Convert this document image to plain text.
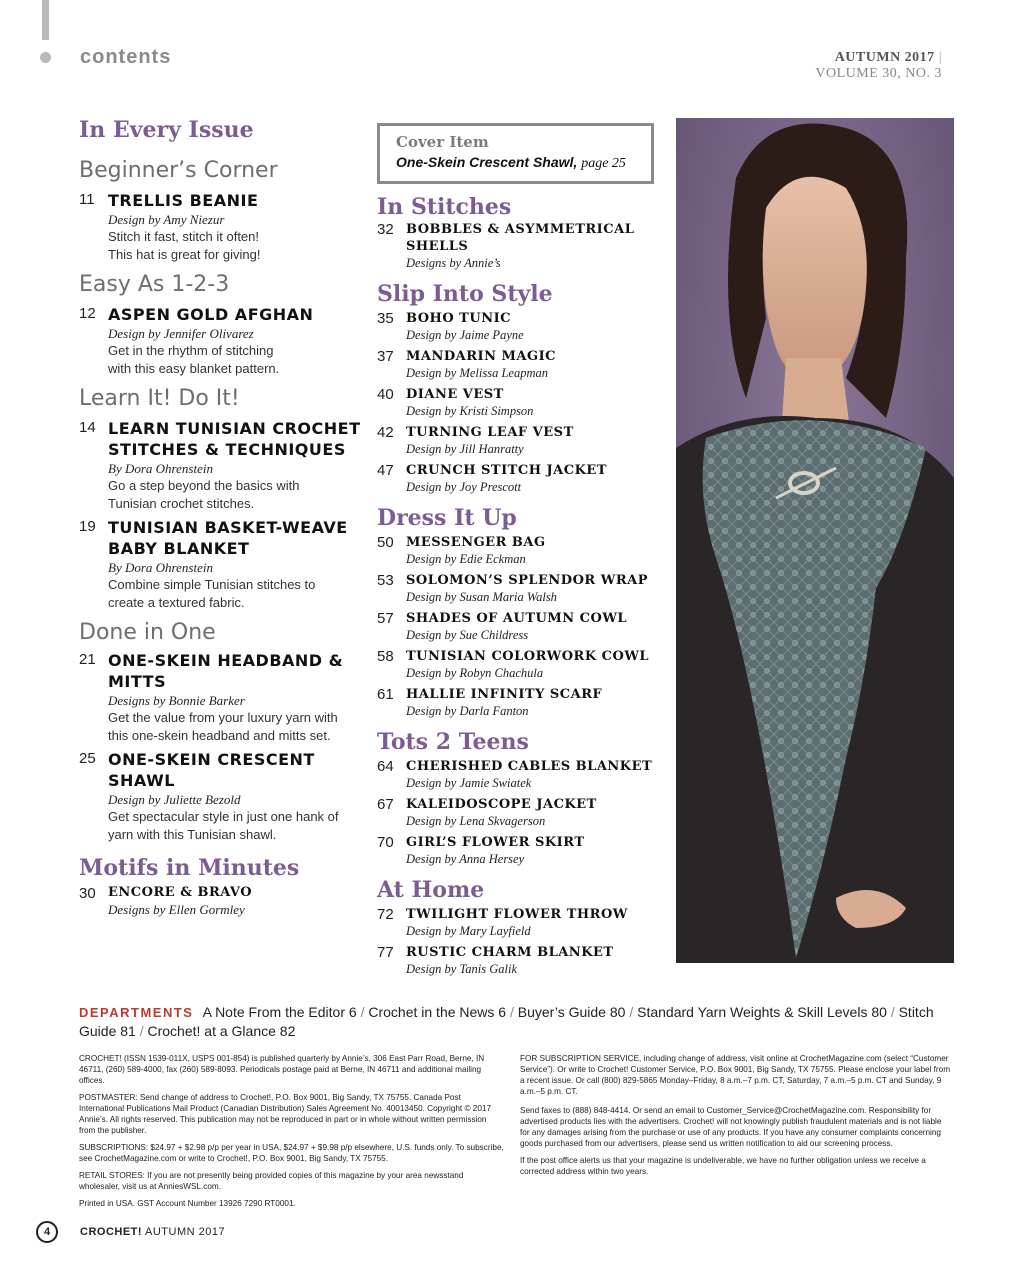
contents	AUTUMN 2017 |
VOLUME 30, NO. 3
In Every Issue
Beginner’s Corner
11 TRELLIS BEANIE
Design by Amy Niezur
Stitch it fast, stitch it often!
This hat is great for giving!
Easy As 1-2-3
12 ASPEN GOLD AFGHAN
Design by Jennifer Olivarez
Get in the rhythm of stitching
with this easy blanket pattern.
Learn It! Do It!
14 LEARN TUNISIAN CROCHET STITCHES & TECHNIQUES
By Dora Ohrenstein
Go a step beyond the basics with
Tunisian crochet stitches.
19 TUNISIAN BASKET-WEAVE BABY BLANKET
By Dora Ohrenstein
Combine simple Tunisian stitches to
create a textured fabric.
Done in One
21 ONE-SKEIN HEADBAND & MITTS
Designs by Bonnie Barker
Get the value from your luxury yarn with
this one-skein headband and mitts set.
25 ONE-SKEIN CRESCENT SHAWL
Design by Juliette Bezold
Get spectacular style in just one hank of
yarn with this Tunisian shawl.
Motifs in Minutes
30 ENCORE & BRAVO
Designs by Ellen Gormley
Cover Item
One-Skein Crescent Shawl, page 25
In Stitches
32 BOBBLES & ASYMMETRICAL SHELLS
Designs by Annie’s
Slip Into Style
35 BOHO TUNIC
Design by Jaime Payne
37 MANDARIN MAGIC
Design by Melissa Leapman
40 DIANE VEST
Design by Kristi Simpson
42 TURNING LEAF VEST
Design by Jill Hanratty
47 CRUNCH STITCH JACKET
Design by Joy Prescott
Dress It Up
50 MESSENGER BAG
Design by Edie Eckman
53 SOLOMON’S SPLENDOR WRAP
Design by Susan Maria Walsh
57 SHADES OF AUTUMN COWL
Design by Sue Childress
58 TUNISIAN COLORWORK COWL
Design by Robyn Chachula
61 HALLIE INFINITY SCARF
Design by Darla Fanton
Tots 2 Teens
64 CHERISHED CABLES BLANKET
Design by Jamie Swiatek
67 KALEIDOSCOPE JACKET
Design by Lena Skvagerson
70 GIRL’S FLOWER SKIRT
Design by Anna Hersey
At Home
72 TWILIGHT FLOWER THROW
Design by Mary Layfield
77 RUSTIC CHARM BLANKET
Design by Tanis Galik
DEPARTMENTS A Note From the Editor 6 / Crochet in the News 6 / Buyer’s Guide 80 / Standard Yarn Weights & Skill Levels 80 / Stitch Guide 81 / Crochet! at a Glance 82

CROCHET! (ISSN 1539-011X, USPS 001-854) is published quarterly by Annie’s, 306 East Parr Road, Berne, IN 46711, (260) 589-4000, fax (260) 589-8093. Periodicals postage paid at Berne, IN 46711 and additional mailing offices.

POSTMASTER: Send change of address to Crochet!, P.O. Box 9001, Big Sandy, TX 75755. Canada Post International Publications Mail Product (Canadian Distribution) Sales Agreement No. 40013450. Copyright © 2017 Annie’s. All rights reserved. This publication may not be reproduced in part or in whole without written permission from the publisher.

SUBSCRIPTIONS: $24.97 + $2.98 p/p per year in USA, $24.97 + $9.98 p/p elsewhere, U.S. funds only. To subscribe, see CrochetMagazine.com or write to Crochet!, P.O. Box 9001, Big Sandy, TX 75755.

RETAIL STORES: If you are not presently being provided copies of this magazine by your area newsstand wholesaler, visit us at AnniesWSL.com.

Printed in USA. GST Account Number 13926 7290 RT0001.

FOR SUBSCRIPTION SERVICE, including change of address, visit online at CrochetMagazine.com (select “Customer Service”). Or write to Crochet! Customer Service, P.O. Box 9001, Big Sandy, TX 75755. Please enclose your label from a recent issue. Or call (800) 829-5865 Monday–Friday, 8 a.m.–7 p.m. CT, Saturday, 7 a.m.–5 p.m. CT and Sunday, 9 a.m.–5 p.m. CT.

Send faxes to (888) 848-4414. Or send an email to Customer_Service@CrochetMagazine.com. Responsibility for advertised products lies with the advertisers. Crochet! will not knowingly publish fraudulent materials and is not liable for any damages arising from the purchase or use of any products. If you have any consumer complaints concerning goods purchased from our advertisers, please send us written notification to aid our screening process.

If the post office alerts us that your magazine is undeliverable, we have no further obligation unless we receive a corrected address within two years.

4	CROCHET! AUTUMN 2017
